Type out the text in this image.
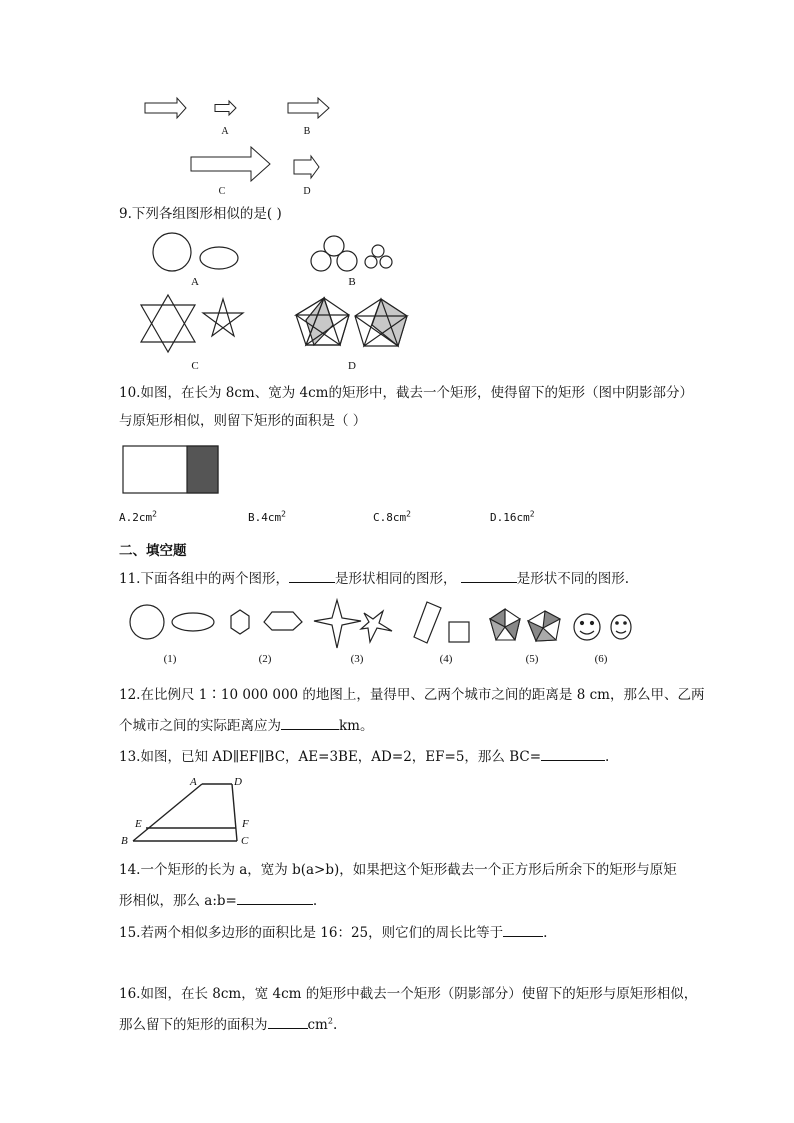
A	B
C	D
9.下列各组图形相似的是( )
A	B
C	D
10.如图，在长为 8cm、宽为 4cm的矩形中，截去一个矩形，使得留下的矩形（图中阴影部分）
与原矩形相似，则留下矩形的面积是（ ）
$A.2cm^2$	$B.4cm^2$	$C.8cm^2$	$D.16cm^2$
二、填空题
11.下面各组中的两个图形，	是形状相同的图形，	是形状不同的图形.
(1)	(2)	(3)	(4)	(5)	(6)
12.在比例尺 1∶10 000 000 的地图上，量得甲、乙两个城市之间的距离是 8 cm，那么甲、乙两
个城市之间的实际距离应为	km。
13.如图，已知 AD∥EF∥BC，AE=3BE，AD=2，EF=5，那么 BC=	.
A	D
E	F
B	C
14.一个矩形的长为 a，宽为 b(a>b)，如果把这个矩形截去一个正方形后所余下的矩形与原矩
形相似，那么 a:b=	.
15.若两个相似多边形的面积比是 16：25，则它们的周长比等于	.
16.如图，在长 8cm，宽 4cm 的矩形中截去一个矩形（阴影部分）使留下的矩形与原矩形相似，
那么留下的矩形的面积为	$cm^2$.
